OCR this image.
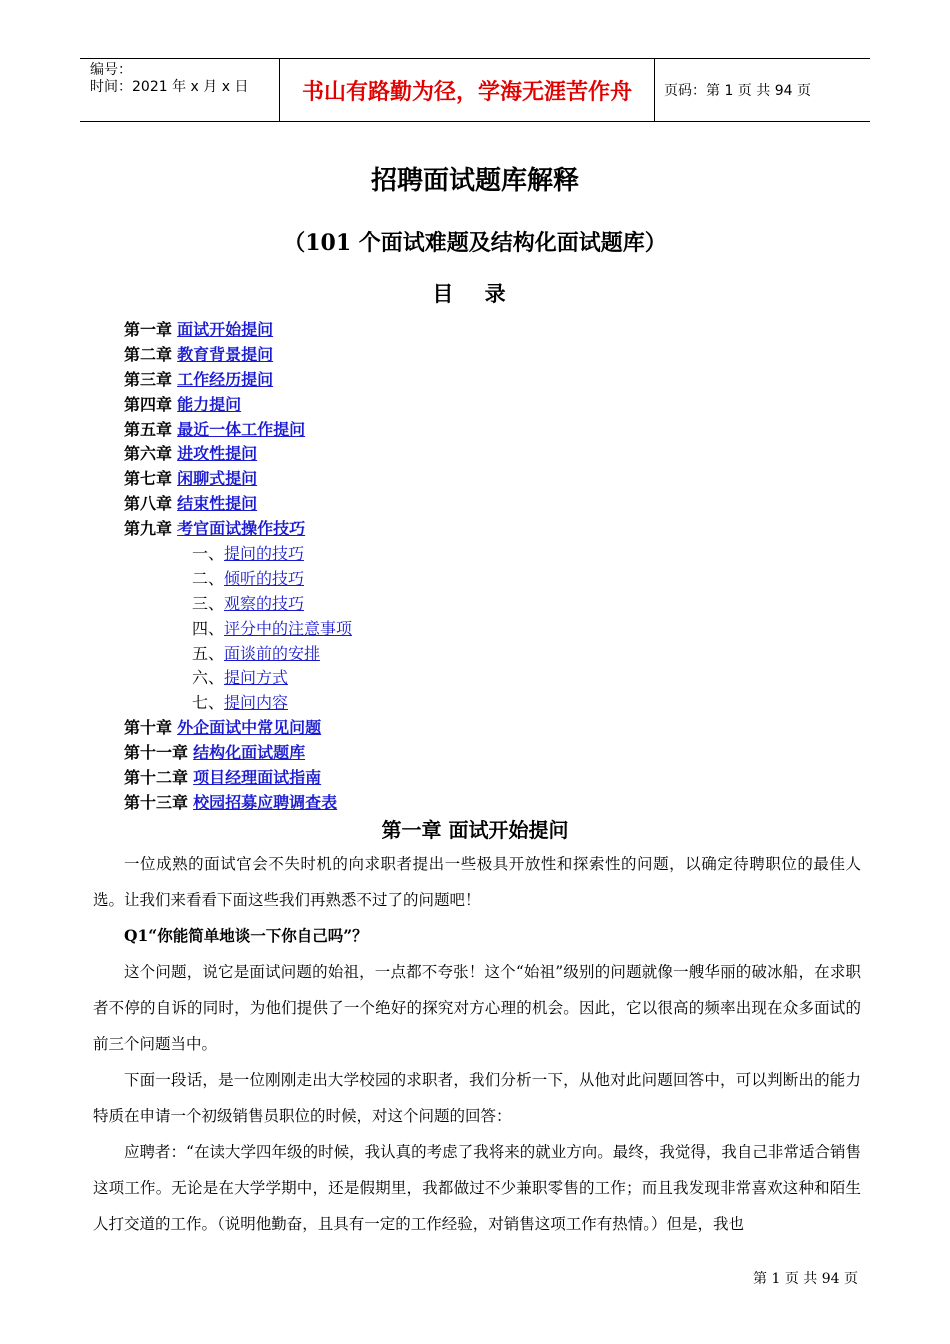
编号：
时间：2021 年 x 月 x 日	书山有路勤为径，学海无涯苦作舟	页码：第 1 页 共 94 页
招聘面试题库解释
（101 个面试难题及结构化面试题库）
目 录
第一章 面试开始提问
第二章 教育背景提问
第三章 工作经历提问
第四章 能力提问
第五章 最近一体工作提问
第六章 进攻性提问
第七章 闲聊式提问
第八章 结束性提问
第九章 考官面试操作技巧
一、提问的技巧
二、倾听的技巧
三、观察的技巧
四、评分中的注意事项
五、面谈前的安排
六、提问方式
七、提问内容
第十章 外企面试中常见问题
第十一章 结构化面试题库
第十二章 项目经理面试指南
第十三章 校园招募应聘调查表
第一章 面试开始提问

一位成熟的面试官会不失时机的向求职者提出一些极具开放性和探索性的问题，以确定待聘职位的最佳人选。让我们来看看下面这些我们再熟悉不过了的问题吧！

Q1“你能简单地谈一下你自己吗”？

这个问题，说它是面试问题的始祖，一点都不夸张！这个“始祖”级别的问题就像一艘华丽的破冰船，在求职者不停的自诉的同时，为他们提供了一个绝好的探究对方心理的机会。因此，它以很高的频率出现在众多面试的前三个问题当中。

下面一段话，是一位刚刚走出大学校园的求职者，我们分析一下，从他对此问题回答中，可以判断出的能力特质在申请一个初级销售员职位的时候，对这个问题的回答：

应聘者：“在读大学四年级的时候，我认真的考虑了我将来的就业方向。最终，我觉得，我自己非常适合销售这项工作。无论是在大学学期中，还是假期里，我都做过不少兼职零售的工作；而且我发现非常喜欢这种和陌生人打交道的工作。（说明他勤奋，且具有一定的工作经验，对销售这项工作有热情。）但是，我也

第 1 页 共 94 页
